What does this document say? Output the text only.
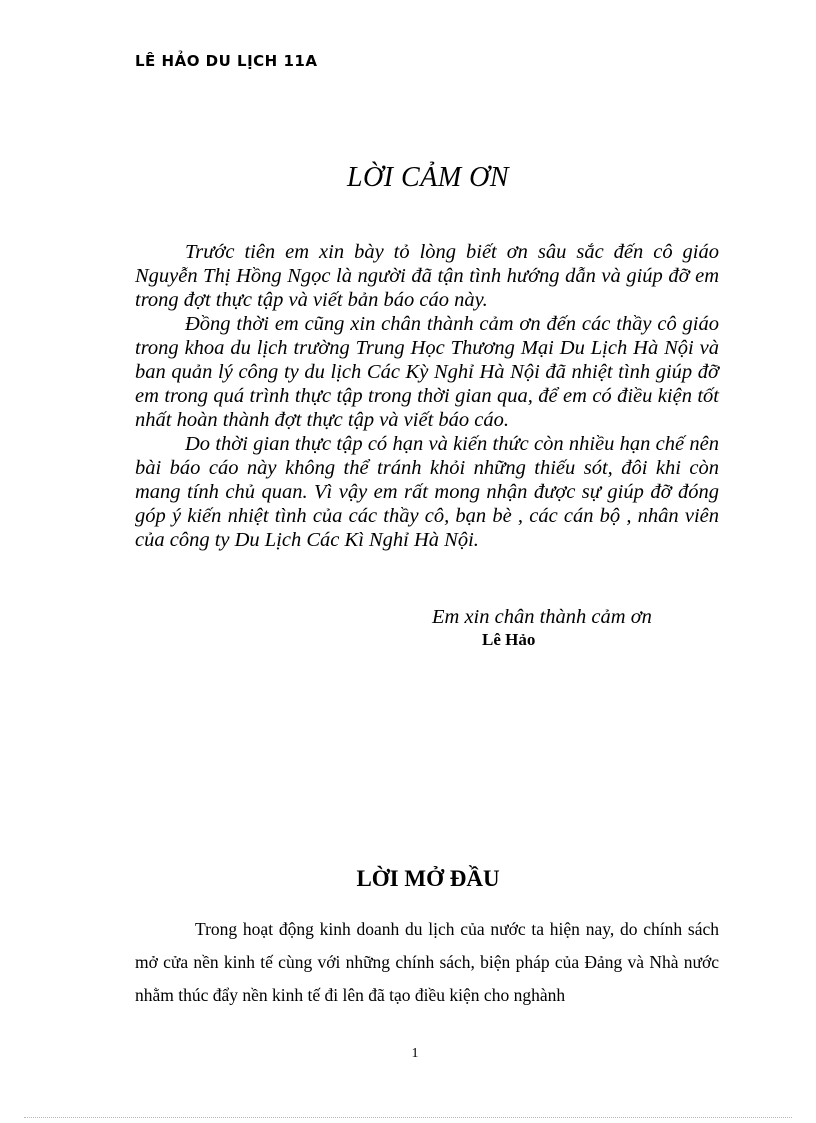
LÊ HẢO DU LỊCH 11A
LỜI CẢM ƠN

Trước tiên em xin bày tỏ lòng biết ơn sâu sắc đến cô giáo Nguyễn Thị Hồng Ngọc là người đã tận tình hướng dẫn và giúp đỡ em trong đợt thực tập và viết bản báo cáo này.

Đồng thời em cũng xin chân thành cảm ơn đến các thầy cô giáo trong khoa du lịch trường Trung Học Thương Mại Du Lịch Hà Nội và ban quản lý công ty du lịch Các Kỳ Nghỉ Hà Nội đã nhiệt tình giúp đỡ em trong quá trình thực tập trong thời gian qua, để em có điều kiện tốt nhất hoàn thành đợt thực tập và viết báo cáo.

Do thời gian thực tập có hạn và kiến thức còn nhiều hạn chế nên bài báo cáo này không thể tránh khỏi những thiếu sót, đôi khi còn mang tính chủ quan. Vì vậy em rất mong nhận được sự giúp đỡ đóng góp ý kiến nhiệt tình của các thầy cô, bạn bè , các cán bộ , nhân viên của công ty Du Lịch Các Kì Nghỉ Hà Nội.

Em xin chân thành cảm ơn
Lê Hảo
LỜI MỞ ĐẦU

Trong hoạt động kinh doanh du lịch của nước ta hiện nay, do chính sách mở cửa nền kinh tế cùng với những chính sách, biện pháp của Đảng và Nhà nước nhằm thúc đẩy nền kinh tế đi lên đã tạo điều kiện cho nghành

1
